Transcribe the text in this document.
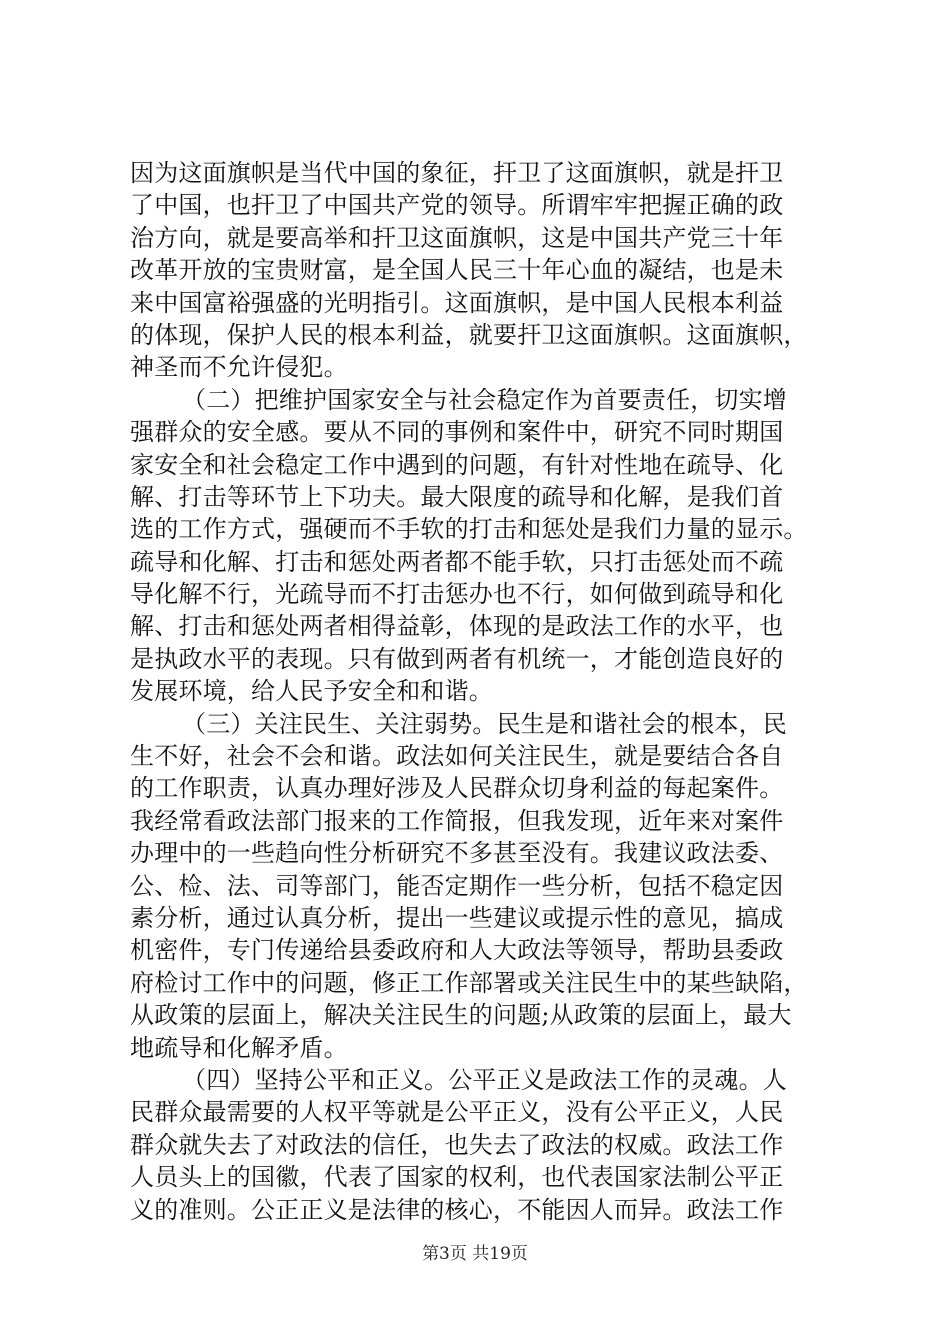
因为这面旗帜是当代中国的象征，扞卫了这面旗帜，就是扞卫
了中国，也扞卫了中国共产党的领导。所谓牢牢把握正确的政
治方向，就是要高举和扞卫这面旗帜，这是中国共产党三十年
改革开放的宝贵财富，是全国人民三十年心血的凝结，也是未
来中国富裕强盛的光明指引。这面旗帜，是中国人民根本利益
的体现，保护人民的根本利益，就要扞卫这面旗帜。这面旗帜，
神圣而不允许侵犯。
（二）把维护国家安全与社会稳定作为首要责任，切实增
强群众的安全感。要从不同的事例和案件中，研究不同时期国
家安全和社会稳定工作中遇到的问题，有针对性地在疏导、化
解、打击等环节上下功夫。最大限度的疏导和化解，是我们首
选的工作方式，强硬而不手软的打击和惩处是我们力量的显示。
疏导和化解、打击和惩处两者都不能手软，只打击惩处而不疏
导化解不行，光疏导而不打击惩办也不行，如何做到疏导和化
解、打击和惩处两者相得益彰，体现的是政法工作的水平，也
是执政水平的表现。只有做到两者有机统一，才能创造良好的
发展环境，给人民予安全和和谐。
（三）关注民生、关注弱势。民生是和谐社会的根本，民
生不好，社会不会和谐。政法如何关注民生，就是要结合各自
的工作职责，认真办理好涉及人民群众切身利益的每起案件。
我经常看政法部门报来的工作简报，但我发现，近年来对案件
办理中的一些趋向性分析研究不多甚至没有。我建议政法委、
公、检、法、司等部门，能否定期作一些分析，包括不稳定因
素分析，通过认真分析，提出一些建议或提示性的意见，搞成
机密件，专门传递给县委政府和人大政法等领导，帮助县委政
府检讨工作中的问题，修正工作部署或关注民生中的某些缺陷，
从政策的层面上，解决关注民生的问题;从政策的层面上，最大
地疏导和化解矛盾。
（四）坚持公平和正义。公平正义是政法工作的灵魂。人
民群众最需要的人权平等就是公平正义，没有公平正义，人民
群众就失去了对政法的信任，也失去了政法的权威。政法工作
人员头上的国徽，代表了国家的权利，也代表国家法制公平正
义的准则。公正正义是法律的核心，不能因人而异。政法工作
第3页 共19页
